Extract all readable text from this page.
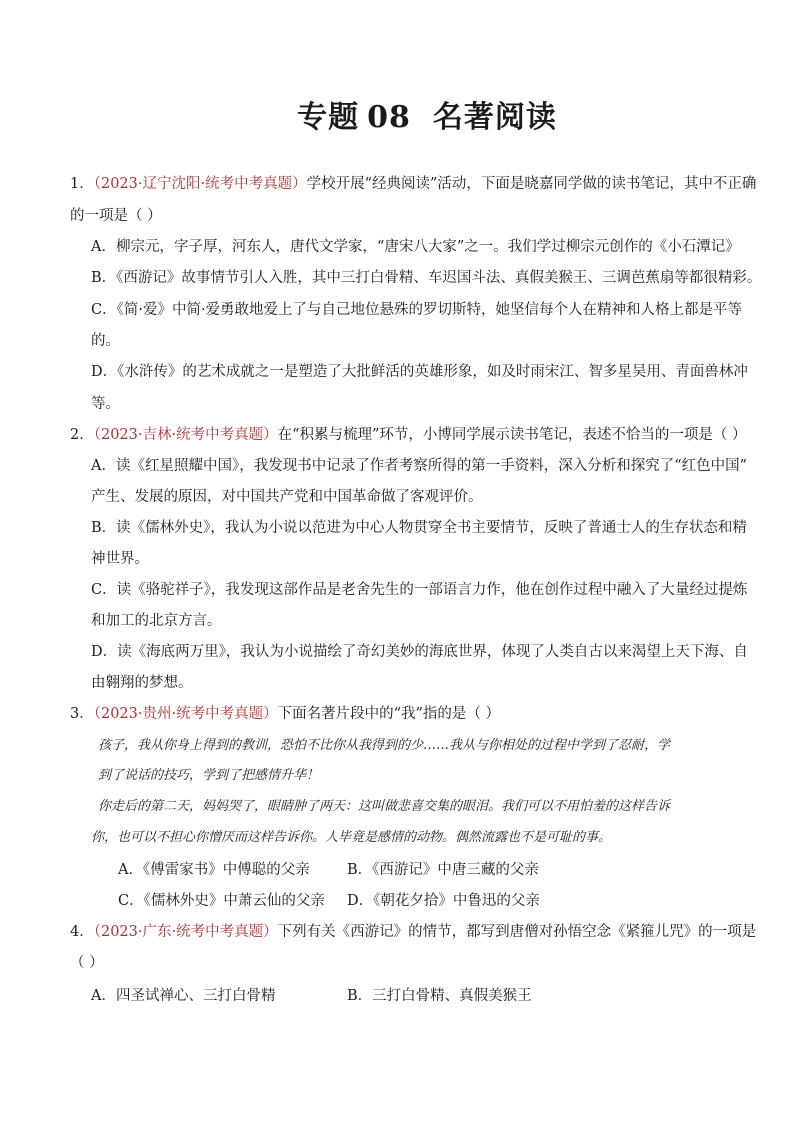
专题 08 名著阅读
1．（2023·辽宁沈阳·统考中考真题）学校开展“经典阅读”活动，下面是晓嘉同学做的读书笔记，其中不正确
的一项是（ ）
A．柳宗元，字子厚，河东人，唐代文学家，“唐宋八大家”之一。我们学过柳宗元创作的《小石潭记》
B．《西游记》故事情节引人入胜，其中三打白骨精、车迟国斗法、真假美猴王、三调芭蕉扇等都很精彩。
C．《简·爱》中简·爱勇敢地爱上了与自己地位悬殊的罗切斯特，她坚信每个人在精神和人格上都是平等
的。
D．《水浒传》的艺术成就之一是塑造了大批鲜活的英雄形象，如及时雨宋江、智多星吴用、青面兽林冲
等。
2．（2023·吉林·统考中考真题）在“积累与梳理”环节，小博同学展示读书笔记，表述不恰当的一项是（ ）
A．读《红星照耀中国》，我发现书中记录了作者考察所得的第一手资料，深入分析和探究了“红色中国”
产生、发展的原因，对中国共产党和中国革命做了客观评价。
B．读《儒林外史》，我认为小说以范进为中心人物贯穿全书主要情节，反映了普通士人的生存状态和精
神世界。
C．读《骆驼祥子》，我发现这部作品是老舍先生的一部语言力作，他在创作过程中融入了大量经过提炼
和加工的北京方言。
D．读《海底两万里》，我认为小说描绘了奇幻美妙的海底世界，体现了人类自古以来渴望上天下海、自
由翱翔的梦想。
3．（2023·贵州·统考中考真题）下面名著片段中的“我”指的是（ ）
孩子，我从你身上得到的教训，恐怕不比你从我得到的少……我从与你相处的过程中学到了忍耐，学
到了说话的技巧，学到了把感情升华！
你走后的第二天，妈妈哭了，眼睛肿了两天：这叫做悲喜交集的眼泪。我们可以不用怕羞的这样告诉
你，也可以不担心你憎厌而这样告诉你。人毕竟是感情的动物。偶然流露也不是可耻的事。
A．《傅雷家书》中傅聪的父亲	B．《西游记》中唐三藏的父亲
C．《儒林外史》中萧云仙的父亲 D．《朝花夕拾》中鲁迅的父亲
4．（2023·广东·统考中考真题）下列有关《西游记》的情节，都写到唐僧对孙悟空念《紧箍儿咒》的一项是
（ ）
A．四圣试禅心、三打白骨精	B．三打白骨精、真假美猴王
